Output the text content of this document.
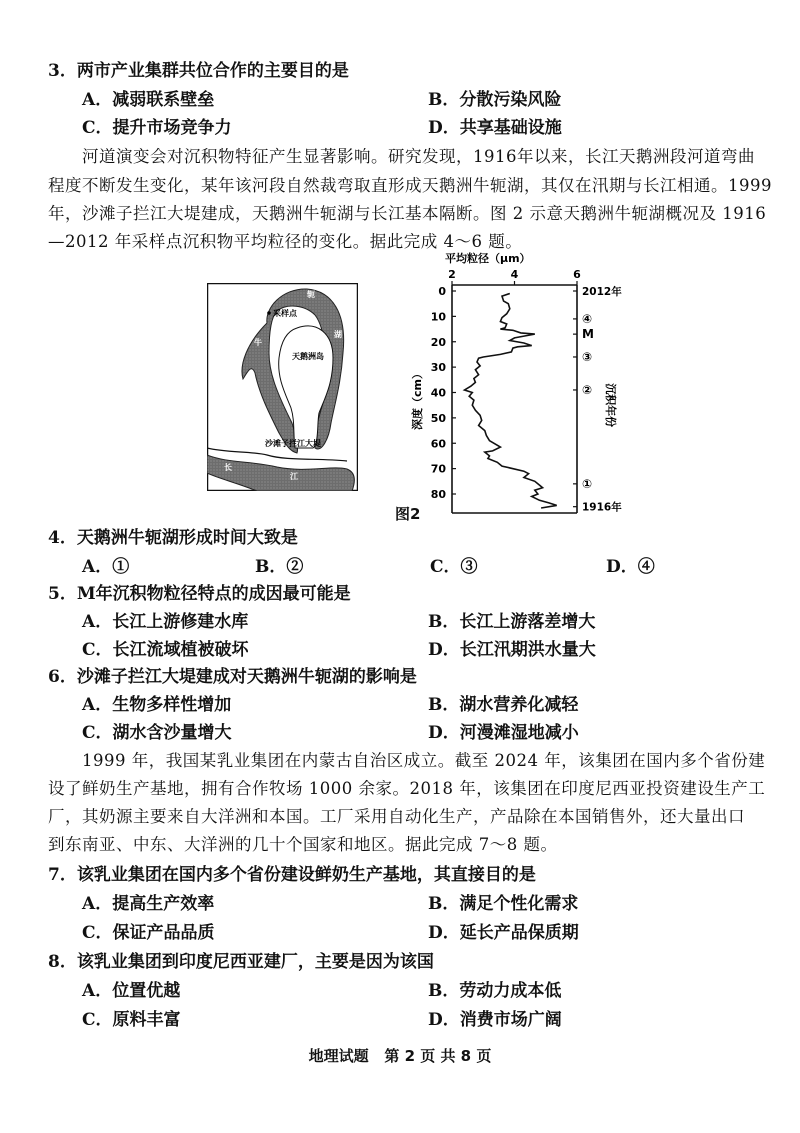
3．两市产业集群共位合作的主要目的是
A．减弱联系壁垒	B．分散污染风险
C．提升市场竞争力	D．共享基础设施
河道演变会对沉积物特征产生显著影响。研究发现，1916年以来，长江天鹅洲段河道弯曲
程度不断发生变化，某年该河段自然裁弯取直形成天鹅洲牛轭湖，其仅在汛期与长江相通。1999
年，沙滩子拦江大堤建成，天鹅洲牛轭湖与长江基本隔断。图 2 示意天鹅洲牛轭湖概况及 1916
—2012 年采样点沉积物平均粒径的变化。据此完成 4～6 题。
采样点
轭
牛
湖
天鹅洲岛
沙滩子拦江大堤
长
江
平均粒径（μm）
2	4	6
0
10
20
30
40
50
60
70
80
2012年
④
M
③
②
①
1916年
深度（cm）	沉积年份
图2
4．天鹅洲牛轭湖形成时间大致是
A．①	B．②	C．③	D．④
5．M年沉积物粒径特点的成因最可能是
A．长江上游修建水库	B．长江上游落差增大
C．长江流域植被破坏	D．长江汛期洪水量大
6．沙滩子拦江大堤建成对天鹅洲牛轭湖的影响是
A．生物多样性增加	B．湖水营养化减轻
C．湖水含沙量增大	D．河漫滩湿地减小
1999 年，我国某乳业集团在内蒙古自治区成立。截至 2024 年，该集团在国内多个省份建
设了鲜奶生产基地，拥有合作牧场 1000 余家。2018 年，该集团在印度尼西亚投资建设生产工
厂，其奶源主要来自大洋洲和本国。工厂采用自动化生产，产品除在本国销售外，还大量出口
到东南亚、中东、大洋洲的几十个国家和地区。据此完成 7～8 题。
7．该乳业集团在国内多个省份建设鲜奶生产基地，其直接目的是
A．提高生产效率	B．满足个性化需求
C．保证产品品质	D．延长产品保质期
8．该乳业集团到印度尼西亚建厂，主要是因为该国
A．位置优越	B．劳动力成本低
C．原料丰富	D．消费市场广阔
地理试题 第 2 页 共 8 页
